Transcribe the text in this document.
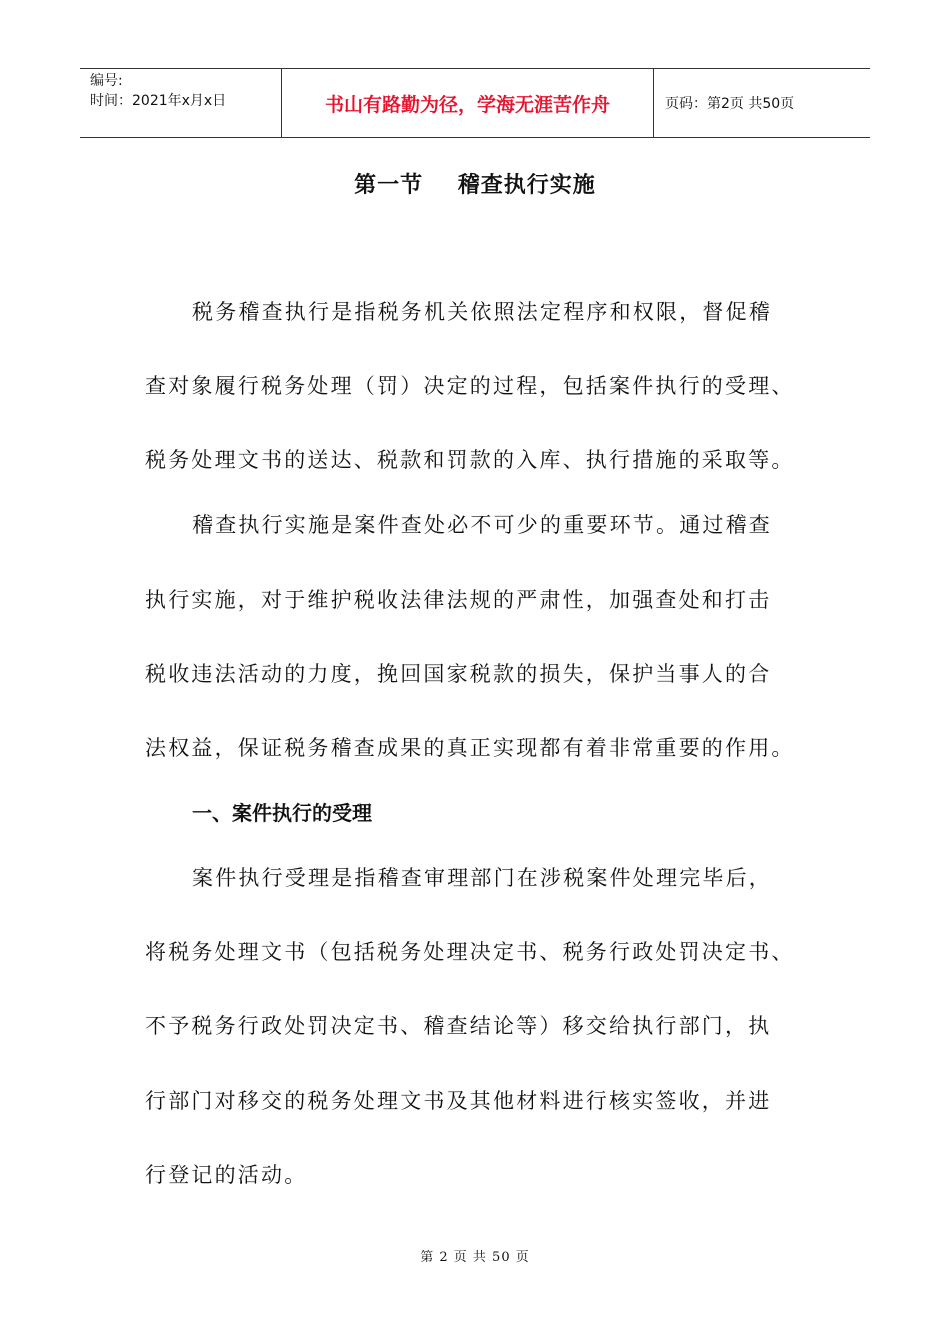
编号:
时间：2021年x月x日	书山有路勤为径，学海无涯苦作舟	页码：第2页 共50页
第一节    稽查执行实施
税务稽查执行是指税务机关依照法定程序和权限，督促稽
查对象履行税务处理（罚）决定的过程，包括案件执行的受理、
税务处理文书的送达、税款和罚款的入库、执行措施的采取等。
稽查执行实施是案件查处必不可少的重要环节。通过稽查
执行实施，对于维护税收法律法规的严肃性，加强查处和打击
税收违法活动的力度，挽回国家税款的损失，保护当事人的合
法权益，保证税务稽查成果的真正实现都有着非常重要的作用。
一、案件执行的受理
案件执行受理是指稽查审理部门在涉税案件处理完毕后，
将税务处理文书（包括税务处理决定书、税务行政处罚决定书、
不予税务行政处罚决定书、稽查结论等）移交给执行部门，执
行部门对移交的税务处理文书及其他材料进行核实签收，并进
行登记的活动。
第 2 页 共 50 页
